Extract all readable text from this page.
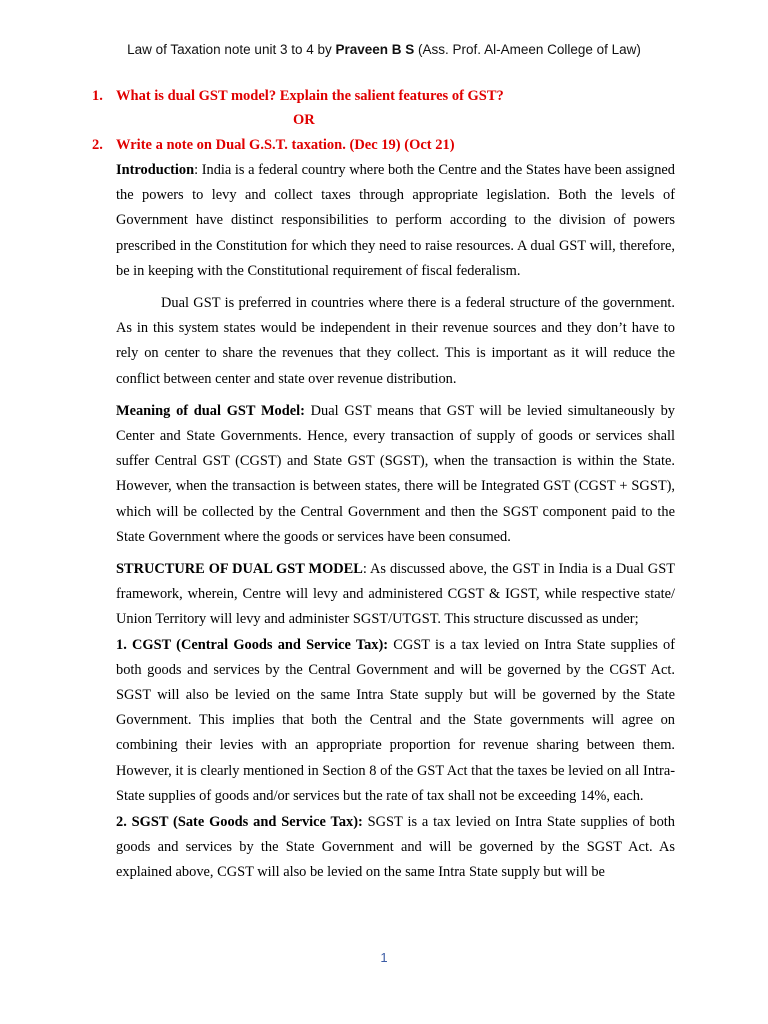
Law of Taxation note unit 3 to 4 by Praveen B S (Ass. Prof. Al-Ameen College of Law)
1. What is dual GST model? Explain the salient features of GST?
OR
2. Write a note on Dual G.S.T. taxation. (Dec 19) (Oct 21)

Introduction: India is a federal country where both the Centre and the States have been assigned the powers to levy and collect taxes through appropriate legislation. Both the levels of Government have distinct responsibilities to perform according to the division of powers prescribed in the Constitution for which they need to raise resources. A dual GST will, therefore, be in keeping with the Constitutional requirement of fiscal federalism.

Dual GST is preferred in countries where there is a federal structure of the government. As in this system states would be independent in their revenue sources and they don’t have to rely on center to share the revenues that they collect. This is important as it will reduce the conflict between center and state over revenue distribution.

Meaning of dual GST Model: Dual GST means that GST will be levied simultaneously by Center and State Governments. Hence, every transaction of supply of goods or services shall suffer Central GST (CGST) and State GST (SGST), when the transaction is within the State. However, when the transaction is between states, there will be Integrated GST (CGST + SGST), which will be collected by the Central Government and then the SGST component paid to the State Government where the goods or services have been consumed.

STRUCTURE OF DUAL GST MODEL: As discussed above, the GST in India is a Dual GST framework, wherein, Centre will levy and administered CGST & IGST, while respective state/ Union Territory will levy and administer SGST/UTGST. This structure discussed as under;

1. CGST (Central Goods and Service Tax): CGST is a tax levied on Intra State supplies of both goods and services by the Central Government and will be governed by the CGST Act. SGST will also be levied on the same Intra State supply but will be governed by the State Government. This implies that both the Central and the State governments will agree on combining their levies with an appropriate proportion for revenue sharing between them. However, it is clearly mentioned in Section 8 of the GST Act that the taxes be levied on all Intra-State supplies of goods and/or services but the rate of tax shall not be exceeding 14%, each.

2. SGST (Sate Goods and Service Tax): SGST is a tax levied on Intra State supplies of both goods and services by the State Government and will be governed by the SGST Act. As explained above, CGST will also be levied on the same Intra State supply but will be

1
